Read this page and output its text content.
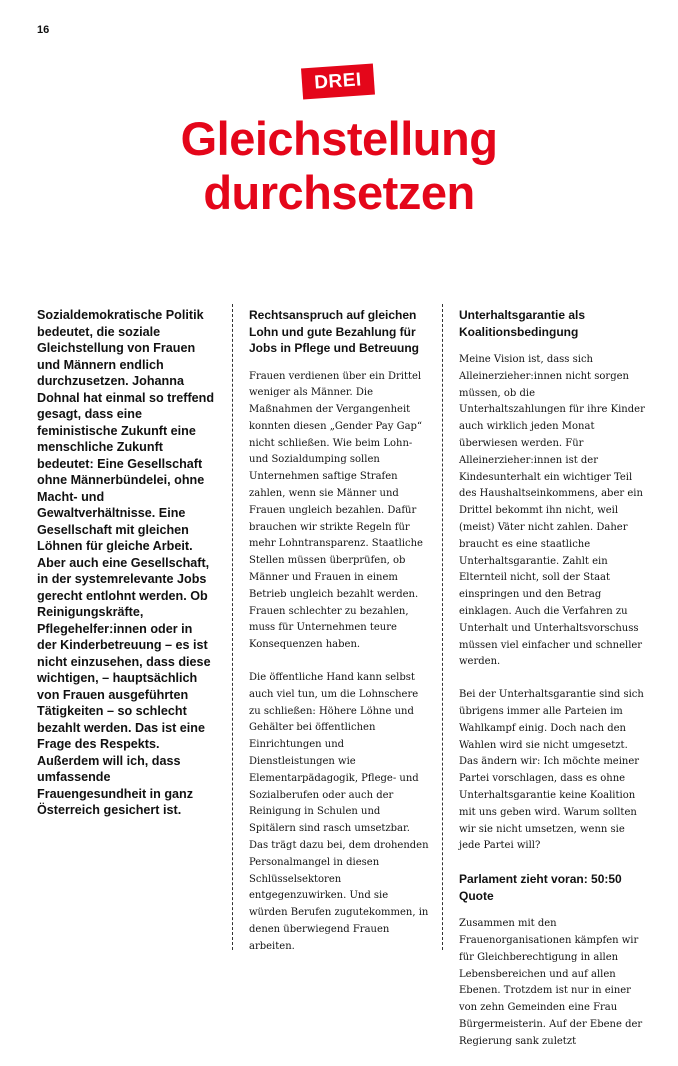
16
DREI
Gleichstellung
durchsetzen
Sozialdemokratische Politik bedeutet, die soziale Gleichstellung von Frauen und Männern endlich durchzusetzen. Johanna Dohnal hat einmal so treffend gesagt, dass eine feministische Zukunft eine menschliche Zukunft bedeutet: Eine Gesellschaft ohne Männerbündelei, ohne Macht- und Gewaltverhältnisse. Eine Gesellschaft mit gleichen Löhnen für gleiche Arbeit. Aber auch eine Gesellschaft, in der systemrelevante Jobs gerecht entlohnt werden. Ob Reinigungskräfte, Pflegehelfer:innen oder in der Kinderbetreuung – es ist nicht einzusehen, dass diese wichtigen, – hauptsächlich von Frauen ausgeführten Tätigkeiten – so schlecht bezahlt werden. Das ist eine Frage des Respekts. Außerdem will ich, dass umfassende Frauengesundheit in ganz Österreich gesichert ist.

Rechtsanspruch auf gleichen Lohn und gute Bezahlung für Jobs in Pflege und Betreuung

Frauen verdienen über ein Drittel weniger als Männer. Die Maßnahmen der Vergangenheit konnten diesen „Gender Pay Gap“ nicht schließen. Wie beim Lohn- und Sozialdumping sollen Unternehmen saftige Strafen zahlen, wenn sie Männer und Frauen ungleich bezahlen. Dafür brauchen wir strikte Regeln für mehr Lohntransparenz. Staatliche Stellen müssen überprüfen, ob Männer und Frauen in einem Betrieb ungleich bezahlt werden. Frauen schlechter zu bezahlen, muss für Unternehmen teure Konsequenzen haben.

Die öffentliche Hand kann selbst auch viel tun, um die Lohnschere zu schließen: Höhere Löhne und Gehälter bei öffentlichen Einrichtungen und Dienstleistungen wie Elementarpädagogik, Pflege- und Sozialberufen oder auch der Reinigung in Schulen und Spitälern sind rasch umsetzbar. Das trägt dazu bei, dem drohenden Personalmangel in diesen Schlüsselsektoren entgegenzuwirken. Und sie würden Berufen zugutekommen, in denen überwiegend Frauen arbeiten.

Unterhaltsgarantie als Koalitionsbedingung

Meine Vision ist, dass sich Alleinerzieher:innen nicht sorgen müssen, ob die Unterhaltszahlungen für ihre Kinder auch wirklich jeden Monat überwiesen werden. Für Alleinerzieher:innen ist der Kindesunterhalt ein wichtiger Teil des Haushaltseinkommens, aber ein Drittel bekommt ihn nicht, weil (meist) Väter nicht zahlen. Daher braucht es eine staatliche Unterhaltsgarantie. Zahlt ein Elternteil nicht, soll der Staat einspringen und den Betrag einklagen. Auch die Verfahren zu Unterhalt und Unterhaltsvorschuss müssen viel einfacher und schneller werden.

Bei der Unterhaltsgarantie sind sich übrigens immer alle Parteien im Wahlkampf einig. Doch nach den Wahlen wird sie nicht umgesetzt. Das ändern wir: Ich möchte meiner Partei vorschlagen, dass es ohne Unterhaltsgarantie keine Koalition mit uns geben wird. Warum sollten wir sie nicht umsetzen, wenn sie jede Partei will?

Parlament zieht voran: 50:50 Quote

Zusammen mit den Frauenorganisationen kämpfen wir für Gleichberechtigung in allen Lebensbereichen und auf allen Ebenen. Trotzdem ist nur in einer von zehn Gemeinden eine Frau Bürgermeisterin. Auf der Ebene der Regierung sank zuletzt
